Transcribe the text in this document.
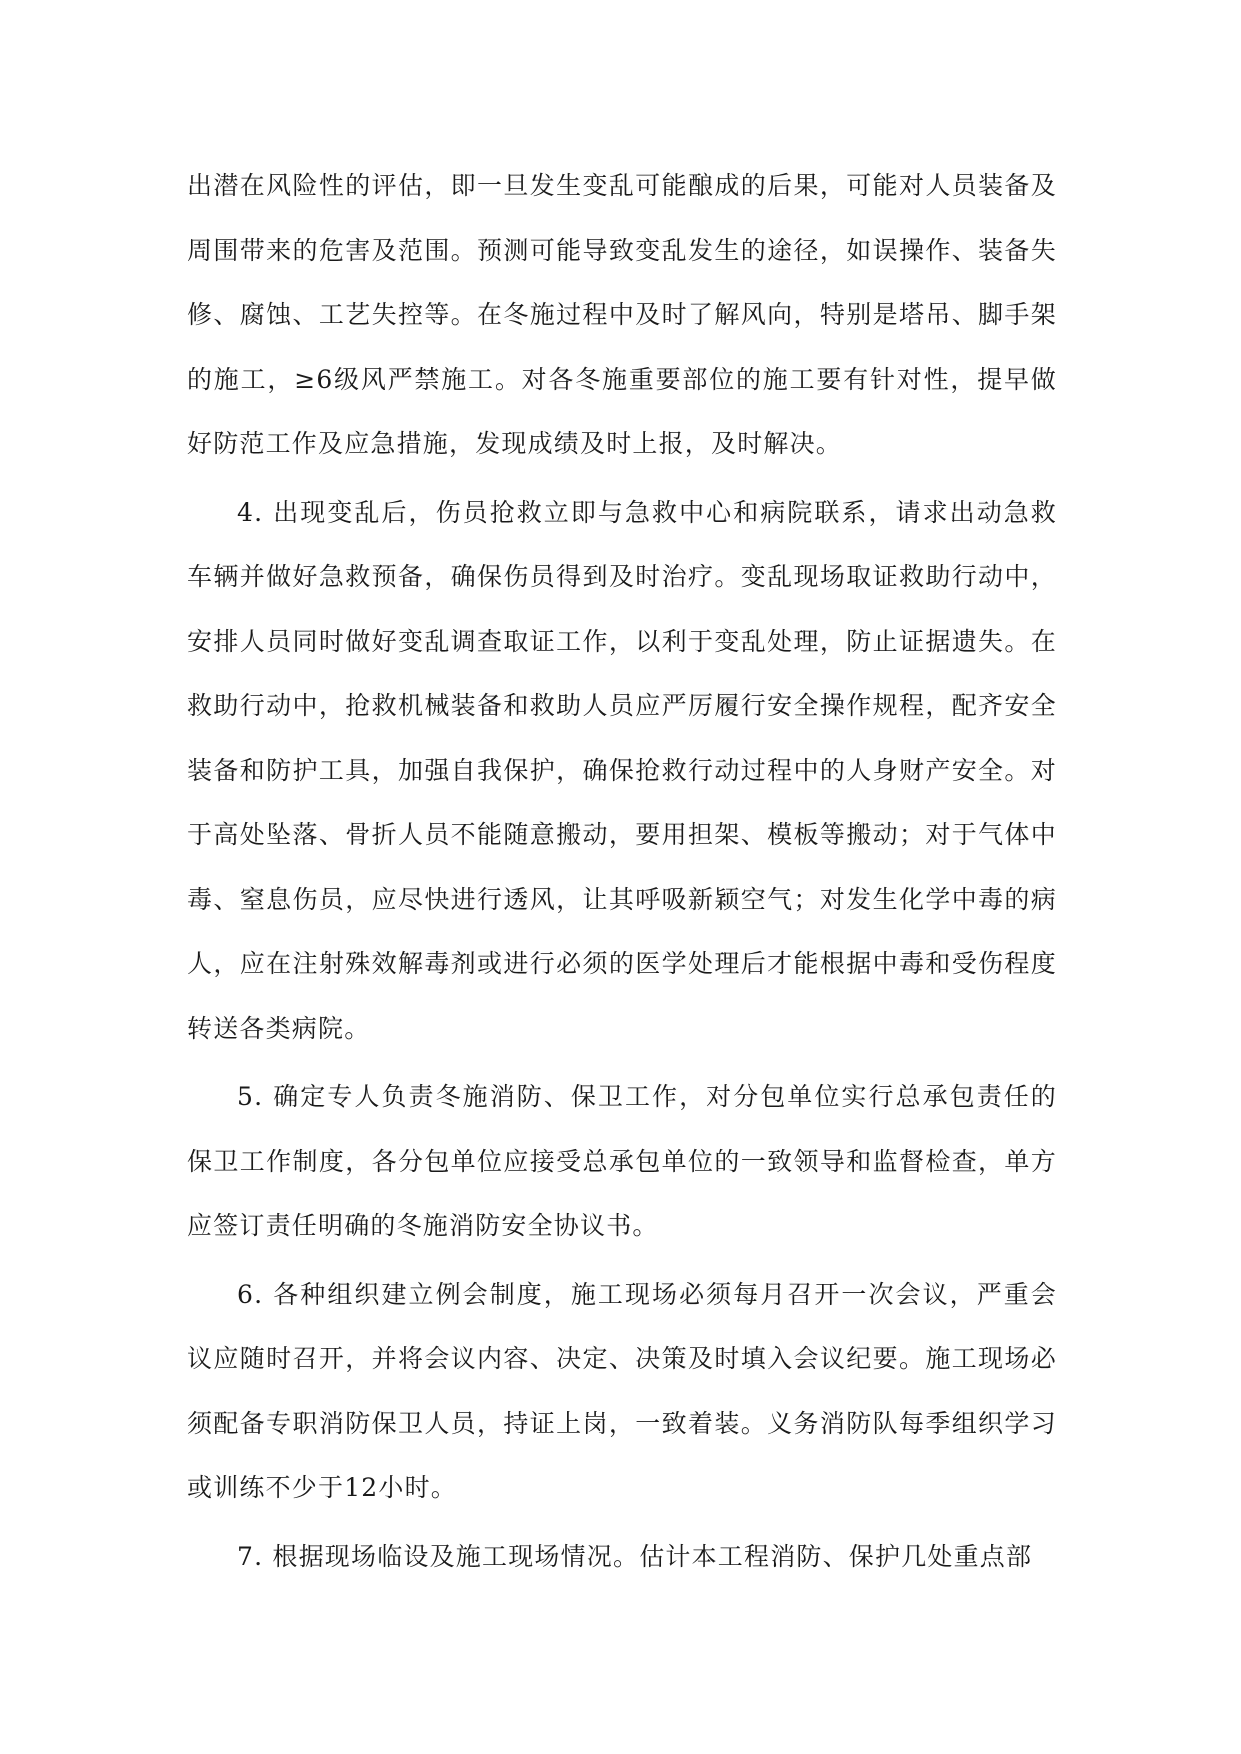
出潜在风险性的评估，即一旦发生变乱可能酿成的后果，可能对人员装备及周围带来的危害及范围。预测可能导致变乱发生的途径，如误操作、装备失修、腐蚀、工艺失控等。在冬施过程中及时了解风向，特别是塔吊、脚手架的施工，≥6级风严禁施工。对各冬施重要部位的施工要有针对性，提早做好防范工作及应急措施，发现成绩及时上报，及时解决。

4. 出现变乱后，伤员抢救立即与急救中心和病院联系，请求出动急救车辆并做好急救预备，确保伤员得到及时治疗。变乱现场取证救助行动中，安排人员同时做好变乱调查取证工作，以利于变乱处理，防止证据遗失。在救助行动中，抢救机械装备和救助人员应严厉履行安全操作规程，配齐安全装备和防护工具，加强自我保护，确保抢救行动过程中的人身财产安全。对于高处坠落、骨折人员不能随意搬动，要用担架、模板等搬动；对于气体中毒、窒息伤员，应尽快进行透风，让其呼吸新颖空气；对发生化学中毒的病人，应在注射殊效解毒剂或进行必须的医学处理后才能根据中毒和受伤程度转送各类病院。

5. 确定专人负责冬施消防、保卫工作，对分包单位实行总承包责任的保卫工作制度，各分包单位应接受总承包单位的一致领导和监督检查，单方应签订责任明确的冬施消防安全协议书。

6. 各种组织建立例会制度，施工现场必须每月召开一次会议，严重会议应随时召开，并将会议内容、决定、决策及时填入会议纪要。施工现场必须配备专职消防保卫人员，持证上岗，一致着装。义务消防队每季组织学习或训练不少于12小时。

7. 根据现场临设及施工现场情况。估计本工程消防、保护几处重点部
